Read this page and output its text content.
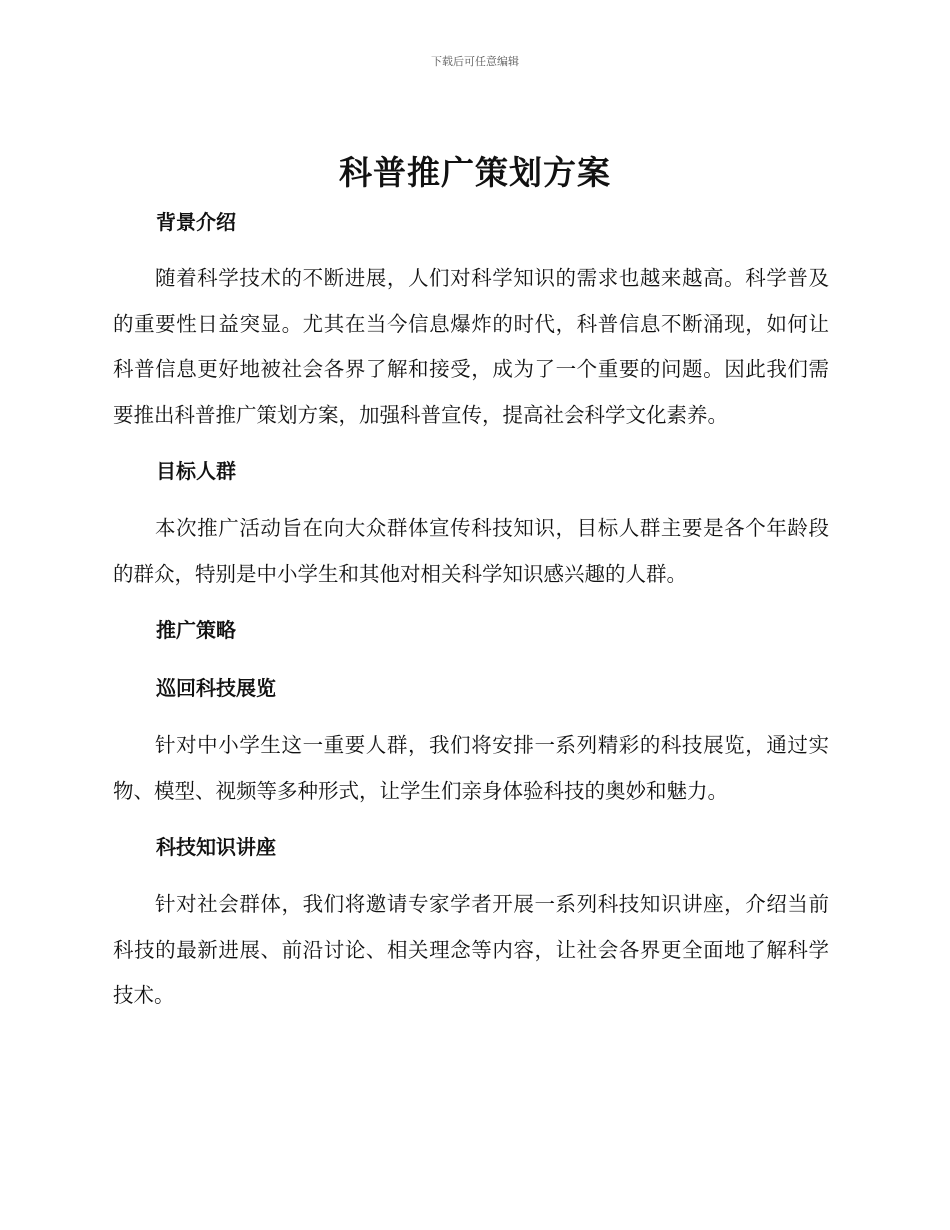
下载后可任意编辑
科普推广策划方案
背景介绍

随着科学技术的不断进展，人们对科学知识的需求也越来越高。科学普及的重要性日益突显。尤其在当今信息爆炸的时代，科普信息不断涌现，如何让科普信息更好地被社会各界了解和接受，成为了一个重要的问题。因此我们需要推出科普推广策划方案，加强科普宣传，提高社会科学文化素养。

目标人群

本次推广活动旨在向大众群体宣传科技知识，目标人群主要是各个年龄段的群众，特别是中小学生和其他对相关科学知识感兴趣的人群。

推广策略
巡回科技展览

针对中小学生这一重要人群，我们将安排一系列精彩的科技展览，通过实物、模型、视频等多种形式，让学生们亲身体验科技的奥妙和魅力。

科技知识讲座

针对社会群体，我们将邀请专家学者开展一系列科技知识讲座，介绍当前科技的最新进展、前沿讨论、相关理念等内容，让社会各界更全面地了解科学技术。
